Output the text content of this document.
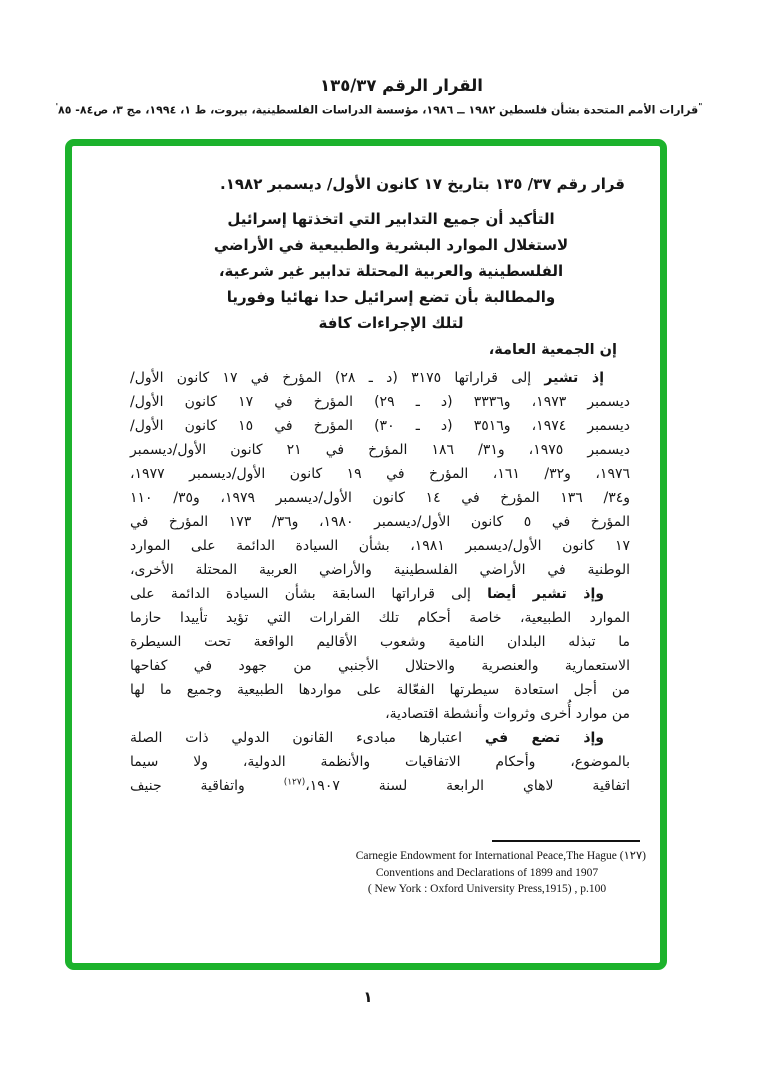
القرار الرقم ١٣٥/٣٧
"قرارات الأمم المتحدة بشأن فلسطين ١٩٨٢ ــ ١٩٨٦، مؤسسة الدراسات الفلسطينية، بيروت، ط ١، ١٩٩٤، مج ٣، ص٨٤- ٨٥'
قرار رقم ٣٧/ ١٣٥ بتاريخ ١٧ كانون الأول/ ديسمبر ١٩٨٢.
التأكيد أن جميع التدابير التي اتخذتها إسرائيل
لاستغلال الموارد البشرية والطبيعية في الأراضي
الفلسطينية والعربية المحتلة تدابير غير شرعية،
والمطالبة بأن تضع إسرائيل حدا نهائيا وفوريا
لتلك الإجراءات كافة
إن الجمعية العامة،
إذ تشير إلى قراراتها ٣١٧٥ (د ـ ٢٨) المؤرخ في ١٧ كانون الأول/
ديسمبر ١٩٧٣، و٣٣٣٦ (د ـ ٢٩) المؤرخ في ١٧ كانون الأول/
ديسمبر ١٩٧٤، و٣٥١٦ (د ـ ٣٠) المؤرخ في ١٥ كانون الأول/
ديسمبر ١٩٧٥، و٣١/ ١٨٦ المؤرخ في ٢١ كانون الأول/ديسمبر
١٩٧٦، و٣٢/ ١٦١، المؤرخ في ١٩ كانون الأول/ديسمبر ١٩٧٧،
و٣٤/ ١٣٦ المؤرخ في ١٤ كانون الأول/ديسمبر ١٩٧٩، و٣٥/ ١١٠
المؤرخ في ٥ كانون الأول/ديسمبر ١٩٨٠، و٣٦/ ١٧٣ المؤرخ في
١٧ كانون الأول/ديسمبر ١٩٨١، بشأن السيادة الدائمة على الموارد
الوطنية في الأراضي الفلسطينية والأراضي العربية المحتلة الأخرى،
وإذ تشير أيضا إلى قراراتها السابقة بشأن السيادة الدائمة على
الموارد الطبيعية، خاصة أحكام تلك القرارات التي تؤيد تأييدا حازما
ما تبذله البلدان النامية وشعوب الأقاليم الواقعة تحت السيطرة
الاستعمارية والعنصرية والاحتلال الأجنبي من جهود في كفاحها
من أجل استعادة سيطرتها الفعّالة على مواردها الطبيعية وجميع ما لها
من موارد أُخرى وثروات وأنشطة اقتصادية،
وإذ تضع في اعتبارها مبادىء القانون الدولي ذات الصلة
بالموضوع، وأحكام الاتفاقيات والأنظمة الدولية، ولا سيما
اتفاقية لاهاي الرابعة لسنة ١٩٠٧،$^{(١٢٧)}$ واتفاقية جنيف
(١٢٧) Carnegie Endowment for International Peace,The Hague
Conventions and Declarations of 1899 and 1907
( New York : Oxford University Press,1915) , p.100
١
